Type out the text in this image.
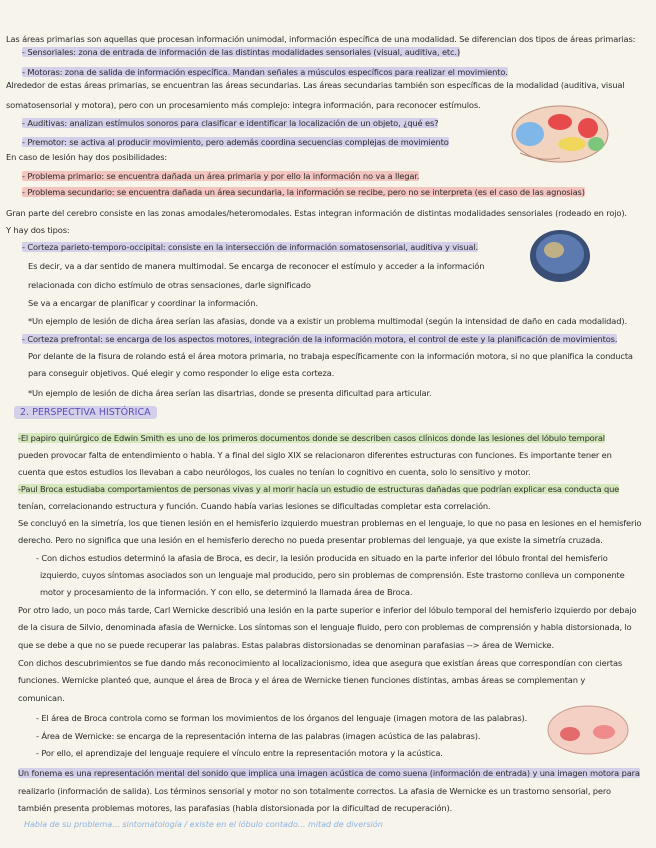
Las áreas primarias son aquellas que procesan información unimodal, información específica de una modalidad. Se diferencian dos tipos de áreas primarias:
- Sensoriales: zona de entrada de información de las distintas modalidades sensoriales (visual, auditiva, etc.)
- Motoras: zona de salida de información específica. Mandan señales a músculos específicos para realizar el movimiento.
Alrededor de estas áreas primarias, se encuentran las áreas secundarias. Las áreas secundarias también son específicas de la modalidad (auditiva, visual
somatosensorial y motora), pero con un procesamiento más complejo: integra información, para reconocer estímulos.
- Auditivas: analizan estímulos sonoros para clasificar e identificar la localización de un objeto, ¿qué es?
- Premotor: se activa al producir movimiento, pero además coordina secuencias complejas de movimiento
En caso de lesión hay dos posibilidades:
- Problema primario: se encuentra dañada un área primaria y por ello la información no va a llegar.
- Problema secundario: se encuentra dañada un área secundaria, la información se recibe, pero no se interpreta (es el caso de las agnosias)
Gran parte del cerebro consiste en las zonas amodales/heteromodales. Estas integran información de distintas modalidades sensoriales (rodeado en rojo).
Y hay dos tipos:
- Corteza parieto-temporo-occipital: consiste en la intersección de información somatosensorial, auditiva y visual.
Es decir, va a dar sentido de manera multimodal. Se encarga de reconocer el estímulo y acceder a la información
relacionada con dicho estímulo de otras sensaciones, darle significado
Se va a encargar de planificar y coordinar la información.
*Un ejemplo de lesión de dicha área serían las afasias, donde va a existir un problema multimodal (según la intensidad de daño en cada modalidad).
- Corteza prefrontal: se encarga de los aspectos motores, integración de la información motora, el control de este y la planificación de movimientos.
Por delante de la fisura de rolando está el área motora primaria, no trabaja específicamente con la información motora, si no que planifica la conducta
para conseguir objetivos. Qué elegir y como responder lo elige esta corteza.
*Un ejemplo de lesión de dicha área serían las disartrias, donde se presenta dificultad para articular.
-El papiro quirúrgico de Edwin Smith es uno de los primeros documentos donde se describen casos clínicos donde las lesiones del lóbulo temporal
pueden provocar falta de entendimiento o habla. Y a final del siglo XIX se relacionaron diferentes estructuras con funciones. Es importante tener en
cuenta que estos estudios los llevaban a cabo neurólogos, los cuales no tenían lo cognitivo en cuenta, solo lo sensitivo y motor.
-Paul Broca estudiaba comportamientos de personas vivas y al morir hacía un estudio de estructuras dañadas que podrían explicar esa conducta que
tenían, correlacionando estructura y función. Cuando había varias lesiones se dificultadas completar esta correlación.
Se concluyó en la simetría, los que tienen lesión en el hemisferio izquierdo muestran problemas en el lenguaje, lo que no pasa en lesiones en el hemisferio
derecho. Pero no significa que una lesión en el hemisferio derecho no pueda presentar problemas del lenguaje, ya que existe la simetría cruzada.
- Con dichos estudios determinó la afasia de Broca, es decir, la lesión producida en situado en la parte inferior del lóbulo frontal del hemisferio
izquierdo, cuyos síntomas asociados son un lenguaje mal producido, pero sin problemas de comprensión. Este trastorno conlleva un componente
motor y procesamiento de la información. Y con ello, se determinó la llamada área de Broca.
Por otro lado, un poco más tarde, Carl Wernicke describió una lesión en la parte superior e inferior del lóbulo temporal del hemisferio izquierdo por debajo
de la cisura de Silvio, denominada afasia de Wernicke. Los síntomas son el lenguaje fluido, pero con problemas de comprensión y habla distorsionada, lo
que se debe a que no se puede recuperar las palabras. Estas palabras distorsionadas se denominan parafasias --> área de Wernicke.
Con dichos descubrimientos se fue dando más reconocimiento al localizacionismo, idea que asegura que existían áreas que correspondían con ciertas
funciones. Wernicke planteó que, aunque el área de Broca y el área de Wernicke tienen funciones distintas, ambas áreas se complementan y
comunican.
- El área de Broca controla como se forman los movimientos de los órganos del lenguaje (imagen motora de las palabras).
- Área de Wernicke: se encarga de la representación interna de las palabras (imagen acústica de las palabras).
- Por ello, el aprendizaje del lenguaje requiere el vínculo entre la representación motora y la acústica.
Un fonema es una representación mental del sonido que implica una imagen acústica de como suena (información de entrada) y una imagen motora para
realizarlo (información de salida). Los términos sensorial y motor no son totalmente correctos. La afasia de Wernicke es un trastorno sensorial, pero
también presenta problemas motores, las parafasias (habla distorsionada por la dificultad de recuperación).
2. PERSPECTIVA HISTÓRICA
Habla de su problema... sintomatología / existe en el lóbulo contado... mitad de diversión
